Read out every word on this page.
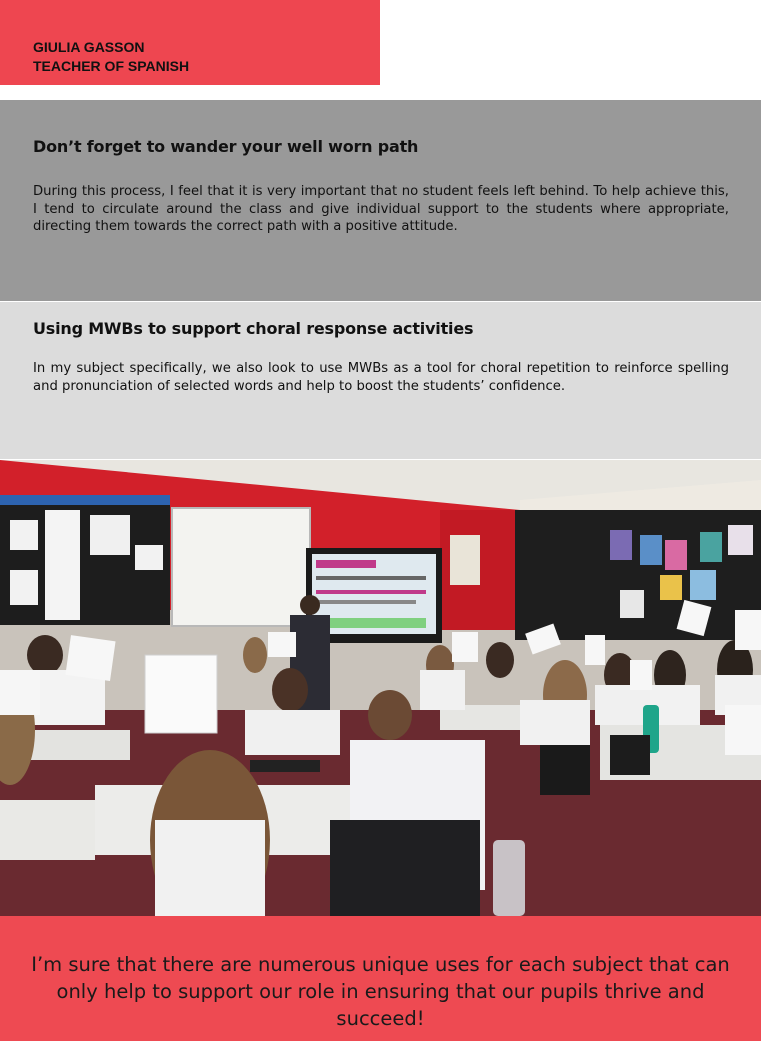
GIULIA GASSON
TEACHER OF SPANISH
Don’t forget to wander your well worn path

During this process, I feel that it is very important that no student feels left behind. To help achieve this, I tend to circulate around the class and give individual support to the students where appropriate, directing them towards the correct path with a positive attitude.

Using MWBs to support choral response activities

In my subject specifically, we also look to use MWBs as a tool for choral repetition to reinforce spelling and pronunciation of selected words and help to boost the students’ confidence.

I’m sure that there are numerous unique uses for each subject that can only help to support our role in ensuring that our pupils thrive and succeed!
